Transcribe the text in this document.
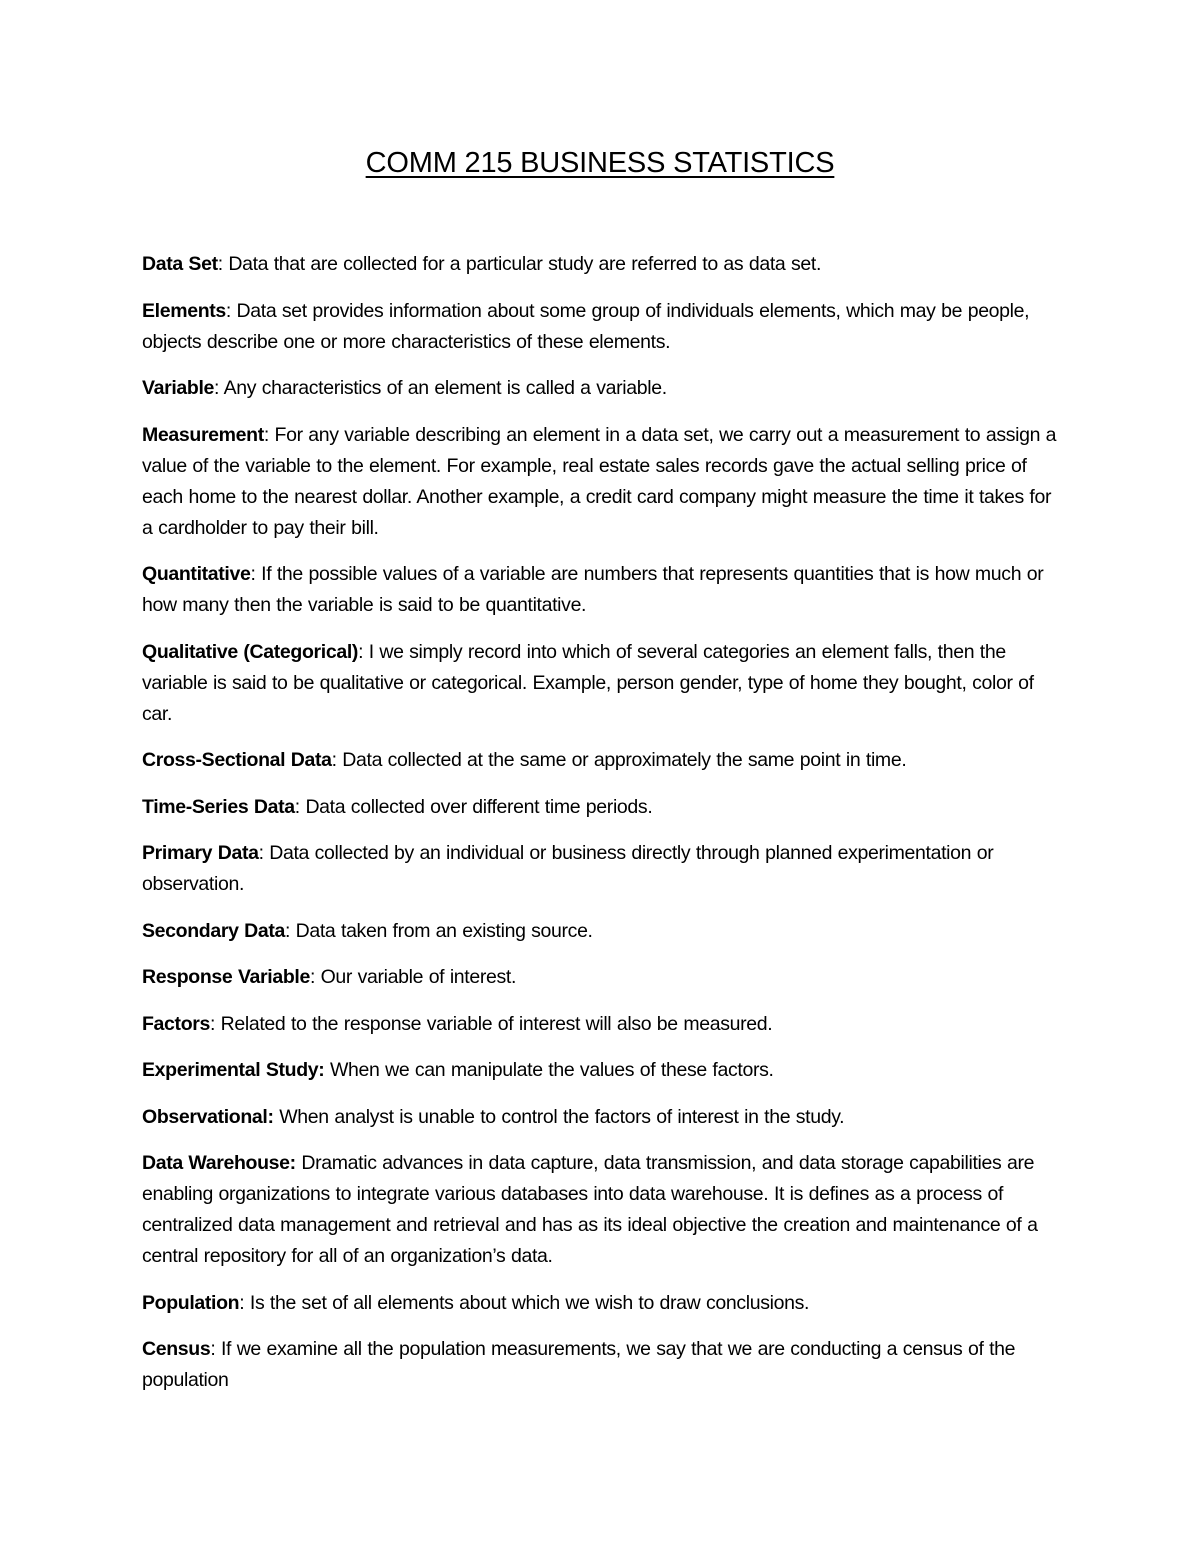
COMM 215 BUSINESS STATISTICS

Data Set: Data that are collected for a particular study are referred to as data set.

Elements: Data set provides information about some group of individuals elements, which may be people, objects describe one or more characteristics of these elements.

Variable: Any characteristics of an element is called a variable.

Measurement: For any variable describing an element in a data set, we carry out a measurement to assign a value of the variable to the element. For example, real estate sales records gave the actual selling price of each home to the nearest dollar. Another example, a credit card company might measure the time it takes for a cardholder to pay their bill.

Quantitative: If the possible values of a variable are numbers that represents quantities that is how much or how many then the variable is said to be quantitative.

Qualitative (Categorical): I we simply record into which of several categories an element falls, then the variable is said to be qualitative or categorical. Example, person gender, type of home they bought, color of car.

Cross-Sectional Data: Data collected at the same or approximately the same point in time.

Time-Series Data: Data collected over different time periods.

Primary Data: Data collected by an individual or business directly through planned experimentation or observation.

Secondary Data: Data taken from an existing source.

Response Variable: Our variable of interest.

Factors: Related to the response variable of interest will also be measured.

Experimental Study: When we can manipulate the values of these factors.

Observational: When analyst is unable to control the factors of interest in the study.

Data Warehouse: Dramatic advances in data capture, data transmission, and data storage capabilities are enabling organizations to integrate various databases into data warehouse. It is defines as a process of centralized data management and retrieval and has as its ideal objective the creation and maintenance of a central repository for all of an organization’s data.

Population: Is the set of all elements about which we wish to draw conclusions.

Census: If we examine all the population measurements, we say that we are conducting a census of the population
